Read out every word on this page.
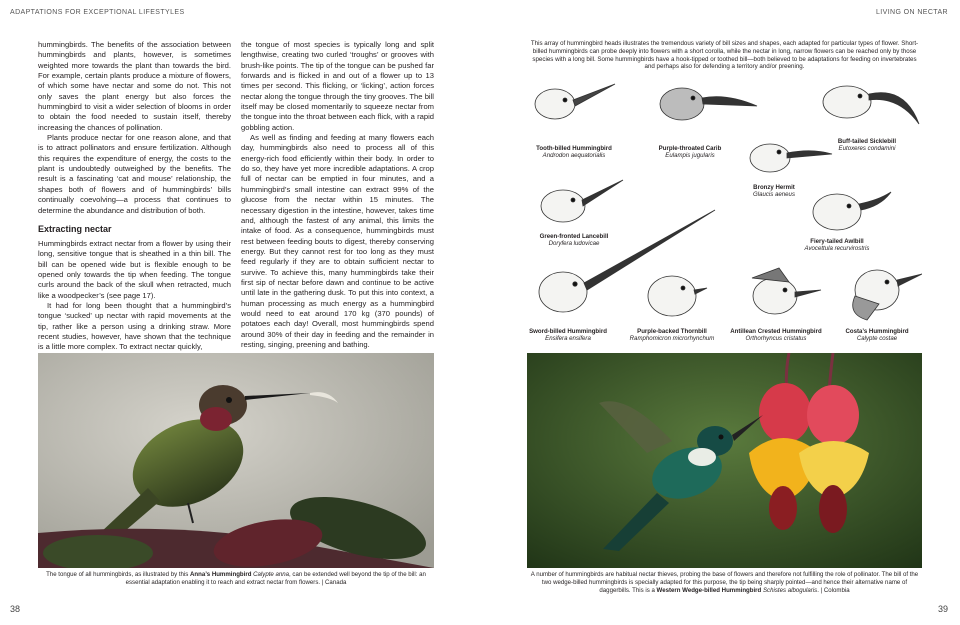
ADAPTATIONS FOR EXCEPTIONAL LIFESTYLES	LIVING ON NECTAR

hummingbirds. The benefits of the association between hummingbirds and plants, however, is sometimes weighted more towards the plant than towards the bird. For example, certain plants produce a mixture of flowers, of which some have nectar and some do not. This not only saves the plant energy but also forces the hummingbird to visit a wider selection of blooms in order to obtain the food needed to sustain itself, thereby increasing the chances of pollination.

Plants produce nectar for one reason alone, and that is to attract pollinators and ensure fertilization. Although this requires the expenditure of energy, the costs to the plant is undoubtedly outweighed by the benefits. The result is a fascinating ‘cat and mouse’ relationship, the shapes both of flowers and of hummingbirds’ bills continually coevolving—a process that continues to determine the abundance and distribution of both.

Extracting nectar

Hummingbirds extract nectar from a flower by using their long, sensitive tongue that is sheathed in a thin bill. The bill can be opened wide but is flexible enough to be opened only towards the tip when feeding. The tongue curls around the back of the skull when retracted, much like a woodpecker’s (see page 17).

It had for long been thought that a hummingbird’s tongue ‘sucked’ up nectar with rapid movements at the tip, rather like a person using a drinking straw. More recent studies, however, have shown that the technique is a little more complex. To extract nectar quickly,

the tongue of most species is typically long and split lengthwise, creating two curled ‘troughs’ or grooves with brush-like points. The tip of the tongue can be pushed far forwards and is flicked in and out of a flower up to 13 times per second. This flicking, or ‘licking’, action forces nectar along the tongue through the tiny grooves. The bill itself may be closed momentarily to squeeze nectar from the tongue into the throat between each flick, with a rapid gobbling action.

As well as finding and feeding at many flowers each day, hummingbirds also need to process all of this energy-rich food efficiently within their body. In order to do so, they have yet more incredible adaptations. A crop full of nectar can be emptied in four minutes, and a hummingbird’s small intestine can extract 99% of the glucose from the nectar within 15 minutes. The necessary digestion in the intestine, however, takes time and, although the fastest of any animal, this limits the intake of food. As a consequence, hummingbirds must rest between feeding bouts to digest, thereby conserving energy. But they cannot rest for too long as they must feed regularly if they are to obtain sufficient nectar to survive. To achieve this, many hummingbirds take their first sip of nectar before dawn and continue to be active until late in the gathering dusk. To put this into context, a human processing as much energy as a hummingbird would need to eat around 170 kg (370 pounds) of potatoes each day! Overall, most hummingbirds spend around 30% of their day in feeding and the remainder in resting, singing, preening and bathing.

The tongue of all hummingbirds, as illustrated by this Anna’s Hummingbird Calypte anna, can be extended well beyond the tip of the bill: an essential adaptation enabling it to reach and extract nectar from flowers. | Canada
38
This array of hummingbird heads illustrates the tremendous variety of bill sizes and shapes, each adapted for particular types of flower. Short-billed hummingbirds can probe deeply into flowers with a short corolla, while the nectar in long, narrow flowers can be reached only by those species with a long bill. Some hummingbirds have a hook-tipped or toothed bill—both believed to be adaptations for feeding on invertebrates and perhaps also for defending a territory and/or preening.
Tooth-billed Hummingbird
Androdon aequatorialis
Purple-throated Carib
Eulampis jugularis
Buff-tailed Sicklebill
Eutoxeres condamini
Bronzy Hermit
Glaucis aeneus
Green-fronted Lancebill
Doryfera ludovicae	Fiery-tailed Awlbill
Avocettula recurvirostris
Sword-billed Hummingbird
Ensifera ensifera
Purple-backed Thornbill
Ramphomicron microrhynchum
Antillean Crested Hummingbird
Orthorhyncus cristatus
Costa’s Hummingbird
Calypte costae
A number of hummingbirds are habitual nectar thieves, probing the base of flowers and therefore not fulfilling the role of pollinator. The bill of the two wedge-billed hummingbirds is specially adapted for this purpose, the tip being sharply pointed—and hence their alternative name of daggerbills. This is a Western Wedge-billed Hummingbird Schistes albogularis. | Colombia
39
